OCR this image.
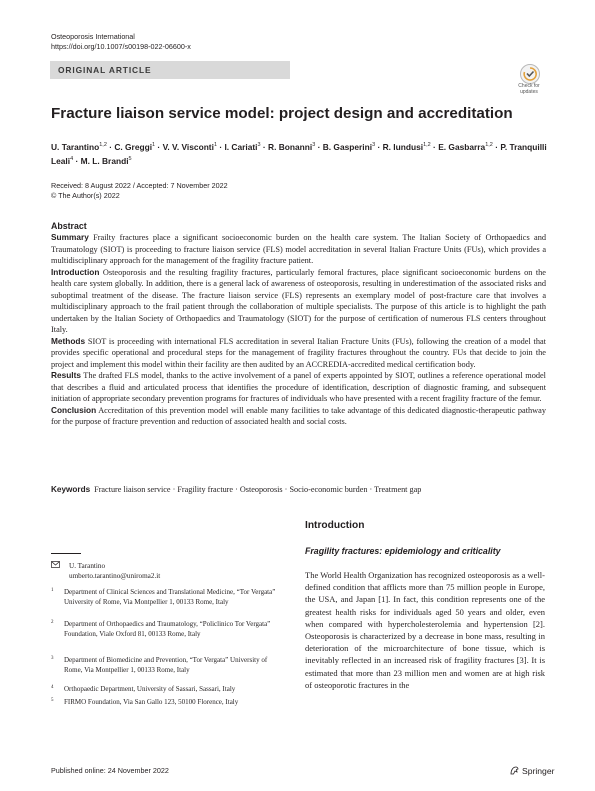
Osteoporosis International
https://doi.org/10.1007/s00198-022-06600-x
ORIGINAL ARTICLE
Check for
updates
Fracture liaison service model: project design and accreditation
U. Tarantino$^{1,2}$ · C. Greggi$^1$ · V. V. Visconti$^1$ · I. Cariati$^3$ · R. Bonanni$^3$ · B. Gasperini$^3$ · R. Iundusi$^{1,2}$ · E. Gasbarra$^{1,2}$ · P. Tranquilli Leali$^4$ · M. L. Brandi$^5$
Received: 8 August 2022 / Accepted: 7 November 2022
© The Author(s) 2022
Abstract

Summary Frailty fractures place a significant socioeconomic burden on the health care system. The Italian Society of Orthopaedics and Traumatology (SIOT) is proceeding to fracture liaison service (FLS) model accreditation in several Italian Fracture Units (FUs), which provides a multidisciplinary approach for the management of the fragility fracture patient.

Introduction Osteoporosis and the resulting fragility fractures, particularly femoral fractures, place significant socioeconomic burdens on the health care system globally. In addition, there is a general lack of awareness of osteoporosis, resulting in underestimation of the associated risks and suboptimal treatment of the disease. The fracture liaison service (FLS) represents an exemplary model of post-fracture care that involves a multidisciplinary approach to the frail patient through the collaboration of multiple specialists. The purpose of this article is to highlight the path undertaken by the Italian Society of Orthopaedics and Traumatology (SIOT) for the purpose of certification of numerous FLS centers throughout Italy.

Methods SIOT is proceeding with international FLS accreditation in several Italian Fracture Units (FUs), following the creation of a model that provides specific operational and procedural steps for the management of fragility fractures throughout the country. FUs that decide to join the project and implement this model within their facility are then audited by an ACCREDIA-accredited medical certification body.

Results The drafted FLS model, thanks to the active involvement of a panel of experts appointed by SIOT, outlines a reference operational model that describes a fluid and articulated process that identifies the procedure of identification, description of diagnostic framing, and subsequent initiation of appropriate secondary prevention programs for fractures of individuals who have presented with a recent fragility fracture of the femur.

Conclusion Accreditation of this prevention model will enable many facilities to take advantage of this dedicated diagnostic-therapeutic pathway for the purpose of fracture prevention and reduction of associated health and social costs.

Keywords Fracture liaison service · Fragility fracture · Osteoporosis · Socio-economic burden · Treatment gap
Introduction
Fragility fractures: epidemiology and criticality
The World Health Organization has recognized osteoporosis as a well-defined condition that afflicts more than 75 million people in Europe, the USA, and Japan [1]. In fact, this condition represents one of the greatest health risks for individuals aged 50 years and older, even when compared with hypercholesterolemia and hypertension [2]. Osteoporosis is characterized by a decrease in bone mass, resulting in deterioration of the microarchitecture of bone tissue, which is inevitably reflected in an increased risk of fragility fractures [3]. It is estimated that more than 23 million men and women are at high risk of osteoporotic fractures in the
U. Tarantino
umberto.tarantino@uniroma2.it
1 Department of Clinical Sciences and Translational Medicine, “Tor Vergata” University of Rome, Via Montpellier 1, 00133 Rome, Italy
2 Department of Orthopaedics and Traumatology, “Policlinico Tor Vergata” Foundation, Viale Oxford 81, 00133 Rome, Italy
3 Department of Biomedicine and Prevention, “Tor Vergata” University of Rome, Via Montpellier 1, 00133 Rome, Italy
4 Orthopaedic Department, University of Sassari, Sassari, Italy
5 FIRMO Foundation, Via San Gallo 123, 50100 Florence, Italy
Published online: 24 November 2022	Springer
